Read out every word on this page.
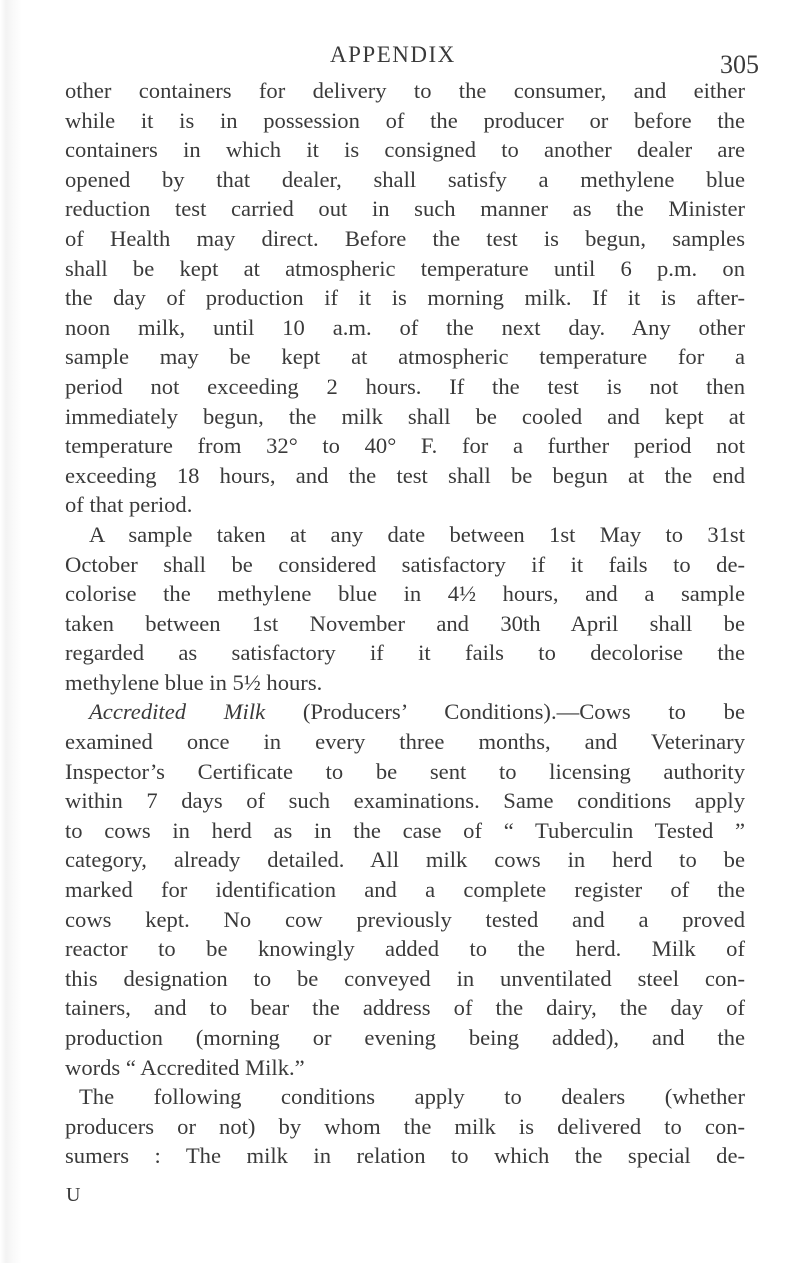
APPENDIX	305
other containers for delivery to the consumer, and either
while it is in possession of the producer or before the
containers in which it is consigned to another dealer are
opened by that dealer, shall satisfy a methylene blue
reduction test carried out in such manner as the Minister
of Health may direct. Before the test is begun, samples
shall be kept at atmospheric temperature until 6 p.m. on
the day of production if it is morning milk. If it is after-
noon milk, until 10 a.m. of the next day. Any other
sample may be kept at atmospheric temperature for a
period not exceeding 2 hours. If the test is not then
immediately begun, the milk shall be cooled and kept at
temperature from 32° to 40° F. for a further period not
exceeding 18 hours, and the test shall be begun at the end
of that period.
A sample taken at any date between 1st May to 31st
October shall be considered satisfactory if it fails to de-
colorise the methylene blue in 4½ hours, and a sample
taken between 1st November and 30th April shall be
regarded as satisfactory if it fails to decolorise the
methylene blue in 5½ hours.
Accredited Milk (Producers’ Conditions).—Cows to be
examined once in every three months, and Veterinary
Inspector’s Certificate to be sent to licensing authority
within 7 days of such examinations. Same conditions apply
to cows in herd as in the case of “ Tuberculin Tested ”
category, already detailed. All milk cows in herd to be
marked for identification and a complete register of the
cows kept. No cow previously tested and a proved
reactor to be knowingly added to the herd. Milk of
this designation to be conveyed in unventilated steel con-
tainers, and to bear the address of the dairy, the day of
production (morning or evening being added), and the
words “ Accredited Milk.”
The following conditions apply to dealers (whether
producers or not) by whom the milk is delivered to con-
sumers : The milk in relation to which the special de-
U
